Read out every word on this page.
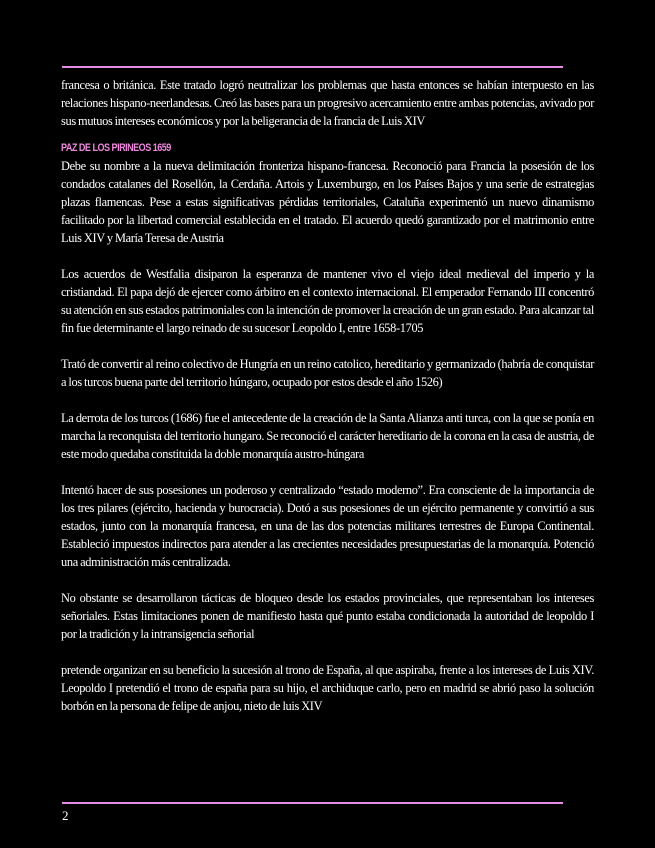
francesa o británica. Este tratado logró neutralizar los problemas que hasta entonces se habían interpuesto en las relaciones hispano-neerlandesas. Creó las bases para un progresivo acercamiento entre ambas potencias, avivado por sus mutuos intereses económicos y por la beligerancia de la francia de Luis XIV

PAZ DE LOS PIRINEOS 1659

Debe su nombre a la nueva delimitación fronteriza hispano-francesa. Reconoció para Francia la posesión de los condados catalanes del Rosellón, la Cerdaña. Artois y Luxemburgo, en los Países Bajos y una serie de estrategias plazas flamencas. Pese a estas significativas pérdidas territoriales, Cataluña experimentó un nuevo dinamismo facilitado por la libertad comercial establecida en el tratado. El acuerdo quedó garantizado por el matrimonio entre Luis XIV y María Teresa de Austria

Los acuerdos de Westfalia disiparon la esperanza de mantener vivo el viejo ideal medieval del imperio y la cristiandad. El papa dejó de ejercer como árbitro en el contexto internacional. El emperador Fernando III concentró su atención en sus estados patrimoniales con la intención de promover la creación de un gran estado. Para alcanzar tal fin fue determinante el largo reinado de su sucesor Leopoldo I, entre 1658-1705

Trató de convertir al reino colectivo de Hungría en un reino catolico, hereditario y germanizado (habría de conquistar a los turcos buena parte del territorio húngaro, ocupado por estos desde el año 1526)

La derrota de los turcos (1686) fue el antecedente de la creación de la Santa Alianza anti turca, con la que se ponía en marcha la reconquista del territorio hungaro. Se reconoció el carácter hereditario de la corona en la casa de austria, de este modo quedaba constituida la doble monarquía austro-húngara

Intentó hacer de sus posesiones un poderoso y centralizado “estado moderno”. Era consciente de la importancia de los tres pilares (ejército, hacienda y burocracia). Dotó a sus posesiones de un ejército permanente y convirtió a sus estados, junto con la monarquía francesa, en una de las dos potencias militares terrestres de Europa Continental. Estableció impuestos indirectos para atender a las crecientes necesidades presupuestarias de la monarquía. Potenció una administración más centralizada.

No obstante se desarrollaron tácticas de bloqueo desde los estados provinciales, que representaban los intereses señoriales. Estas limitaciones ponen de manifiesto hasta qué punto estaba condicionada la autoridad de leopoldo I por la tradición y la intransigencia señorial

pretende organizar en su beneficio la sucesión al trono de España, al que aspiraba, frente a los intereses de Luis XIV. Leopoldo I pretendió el trono de españa para su hijo, el archiduque carlo, pero en madrid se abrió paso la solución borbón en la persona de felipe de anjou, nieto de luis XIV

2
